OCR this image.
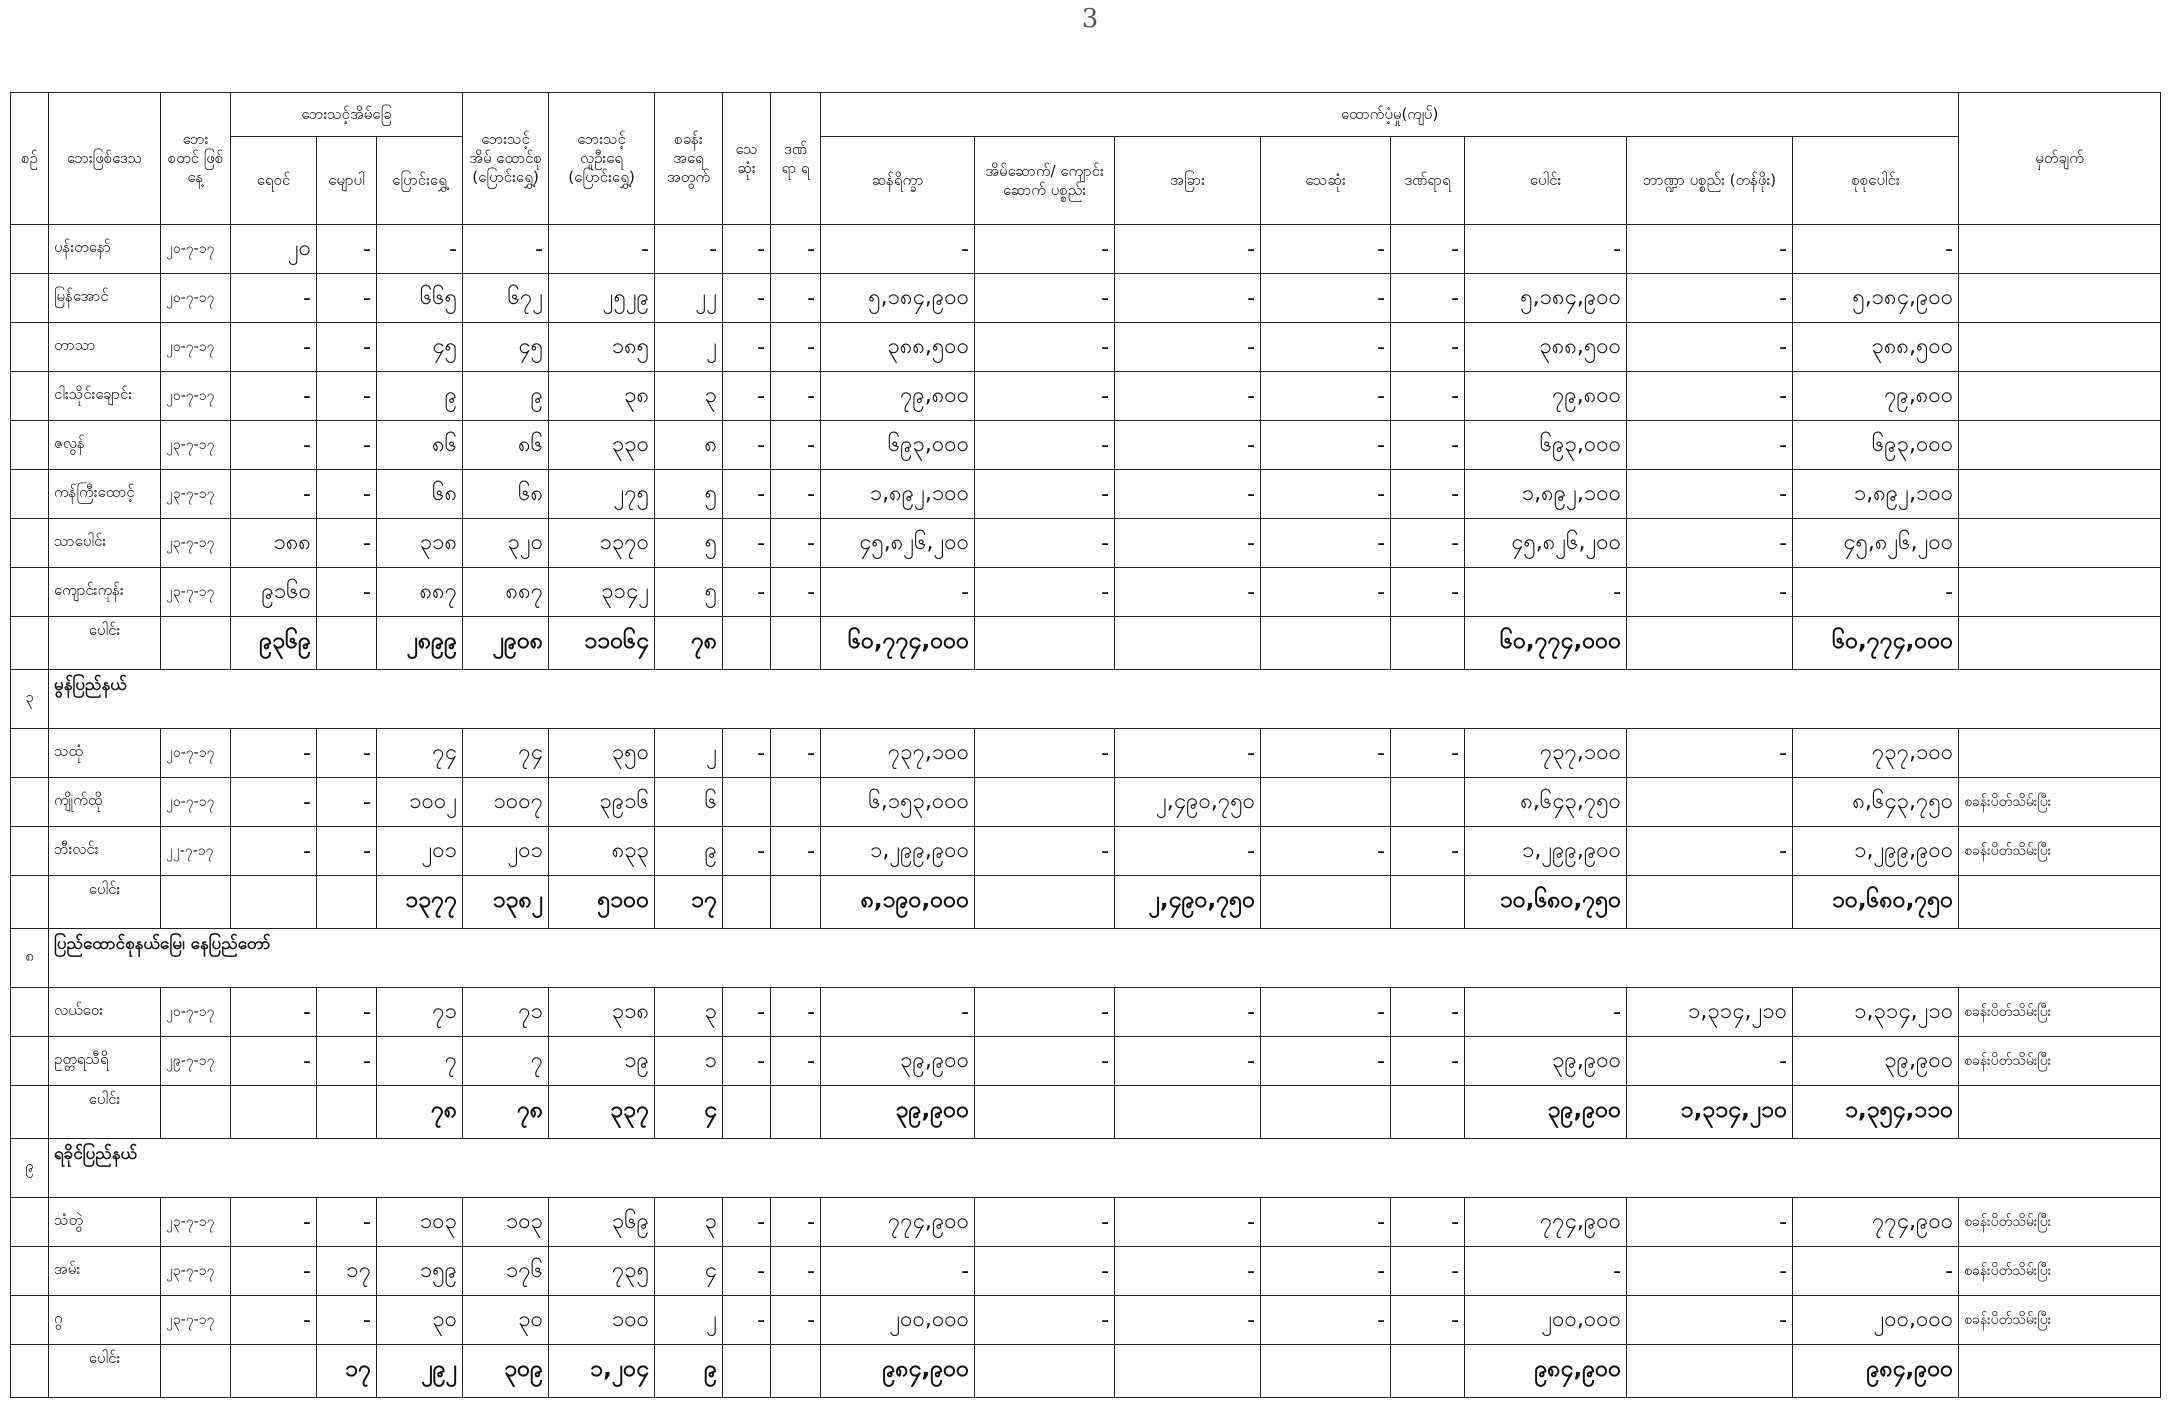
3
စဉ်	ဘေးဖြစ်ဒေသ	ဘေး စတင် ဖြစ်နေ့	ဘေးသင့်အိမ်ခြေ			ဘေးသင့် အိမ် ထောင်စု (ပြောင်းရွှေ့)	ဘေးသင့် လူဦးရေ (ပြောင်းရွှေ့)	စခန်း အရေ အတွက်	သေ ဆုံး	ဒဏ် ရာ ရ	ထောက်ပံ့မှု(ကျပ်)								မှတ်ချက်
			ရေဝင်	မျောပါ	ပြောင်းရွှေ့						ဆန်ရိက္ခာ	အိမ်ဆောက်/ ကျောင်းဆောက် ပစ္စည်း	အခြား	သေဆုံး	ဒဏ်ရာရ	ပေါင်း	ဘာဏ္ဍာ ပစ္စည်း (တန်ဖိုး)	စုစုပေါင်း	
	ပန်းတနော်	၂၀-၇-၁၇	၂၀	-	-	-	-	-	-	-	-	-	-	-	-	-	-	-	
	မြန်အောင်	၂၀-၇-၁၇	-	-	၆၆၅	၆၇၂	၂၅၂၉	၂၂	-	-	၅,၁၈၄,၉၀၀	-	-	-	-	၅,၁၈၄,၉၀၀	-	၅,၁၈၄,၉၀၀	
	တာသာ	၂၀-၇-၁၇	-	-	၄၅	၄၅	၁၈၅	၂	-	-	၃၈၈,၅၀၀	-	-	-	-	၃၈၈,၅၀၀	-	၃၈၈,၅၀၀	
	ငါးသိုင်းချောင်း	၂၀-၇-၁၇	-	-	၉	၉	၃၈	၃	-	-	၇၉,၈၀၀	-	-	-	-	၇၉,၈၀၀	-	၇၉,၈၀၀	
	ဇလွန်	၂၃-၇-၁၇	-	-	၈၆	၈၆	၃၃၀	၈	-	-	၆၉၃,၀၀၀	-	-	-	-	၆၉၃,၀၀၀	-	၆၉၃,၀၀၀	
	ကန်ကြီးထောင့်	၂၃-၇-၁၇	-	-	၆၈	၆၈	၂၇၅	၅	-	-	၁,၈၉၂,၁၀၀	-	-	-	-	၁,၈၉၂,၁၀၀	-	၁,၈၉၂,၁၀၀	
	သာပေါင်း	၂၃-၇-၁၇	၁၈၈	-	၃၁၈	၃၂၀	၁၃၇၀	၅	-	-	၄၅,၈၂၆,၂၀၀	-	-	-	-	၄၅,၈၂၆,၂၀၀	-	၄၅,၈၂၆,၂၀၀	
	ကျောင်းကုန်း	၂၃-၇-၁၇	၉၁၆၀	-	၈၈၇	၈၈၇	၃၁၄၂	၅	-	-	-	-	-	-	-	-	-	-	
	ပေါင်း		၉၃၆၉		၂၈၉၉	၂၉၀၈	၁၁၀၆၄	၇၈			၆၀,၇၇၄,၀၀၀					၆၀,၇၇၄,၀၀၀		၆၀,၇၇၄,၀၀၀	
၃	မွန်ပြည်နယ်																		
	သထုံ	၂၀-၇-၁၇	-	-	၇၄	၇၄	၃၅၀	၂	-	-	၇၃၇,၁၀၀	-	-	-	-	၇၃၇,၁၀၀	-	၇၃၇,၁၀၀	
	ကျိုက်ထို	၂၀-၇-၁၇	-	-	၁၀၀၂	၁၀၀၇	၃၉၁၆	၆			၆,၁၅၃,၀၀၀		၂,၄၉၀,၇၅၀			၈,၆၄၃,၇၅၀		၈,၆၄၃,၇၅၀	စခန်းပိတ်သိမ်းပြီး
	ဘီးလင်း	၂၂-၇-၁၇	-	-	၂၀၁	၂၀၁	၈၃၃	၉	-	-	၁,၂၉၉,၉၀၀	-	-	-	-	၁,၂၉၉,၉၀၀	-	၁,၂၉၉,၉၀၀	စခန်းပိတ်သိမ်းပြီး
	ပေါင်း				၁၃၇၇	၁၃၈၂	၅၁၀၀	၁၇			၈,၁၉၀,၀၀၀		၂,၄၉၀,၇၅၀			၁၀,၆၈၀,၇၅၀		၁၀,၆၈၀,၇၅၀	
၈	ပြည်ထောင်စုနယ်မြေ၊ နေပြည်တော်																		
	လယ်ဝေး	၂၀-၇-၁၇	-	-	၇၁	၇၁	၃၁၈	၃	-	-	-	-	-	-	-	-	၁,၃၁၄,၂၁၀	၁,၃၁၄,၂၁၀	စခန်းပိတ်သိမ်းပြီး
	ဥတ္တရသီရိ	၂၉-၇-၁၇	-	-	၇	၇	၁၉	၁	-	-	၃၉,၉၀၀	-	-	-	-	၃၉,၉၀၀	-	၃၉,၉၀၀	စခန်းပိတ်သိမ်းပြီး
	ပေါင်း				၇၈	၇၈	၃၃၇	၄			၃၉,၉၀၀					၃၉,၉၀၀	၁,၃၁၄,၂၁၀	၁,၃၅၄,၁၁၀	
၉	ရခိုင်ပြည်နယ်																		
	သံတွဲ	၂၃-၇-၁၇	-	-	၁၀၃	၁၀၃	၃၆၉	၃	-	-	၇၇၄,၉၀၀	-	-	-	-	၇၇၄,၉၀၀	-	၇၇၄,၉၀၀	စခန်းပိတ်သိမ်းပြီး
	အမ်း	၂၃-၇-၁၇	-	၁၇	၁၅၉	၁၇၆	၇၃၅	၄	-	-	-	-	-	-	-	-	-	-	စခန်းပိတ်သိမ်းပြီး
	ဂွ	၂၃-၇-၁၇	-	-	၃၀	၃၀	၁၀၀	၂	-	-	၂၀၀,၀၀၀	-	-	-	-	၂၀၀,၀၀၀	-	၂၀၀,၀၀၀	စခန်းပိတ်သိမ်းပြီး
	ပေါင်း			၁၇	၂၉၂	၃၀၉	၁,၂၀၄	၉			၉၈၄,၉၀၀					၉၈၄,၉၀၀		၉၈၄,၉၀၀	
